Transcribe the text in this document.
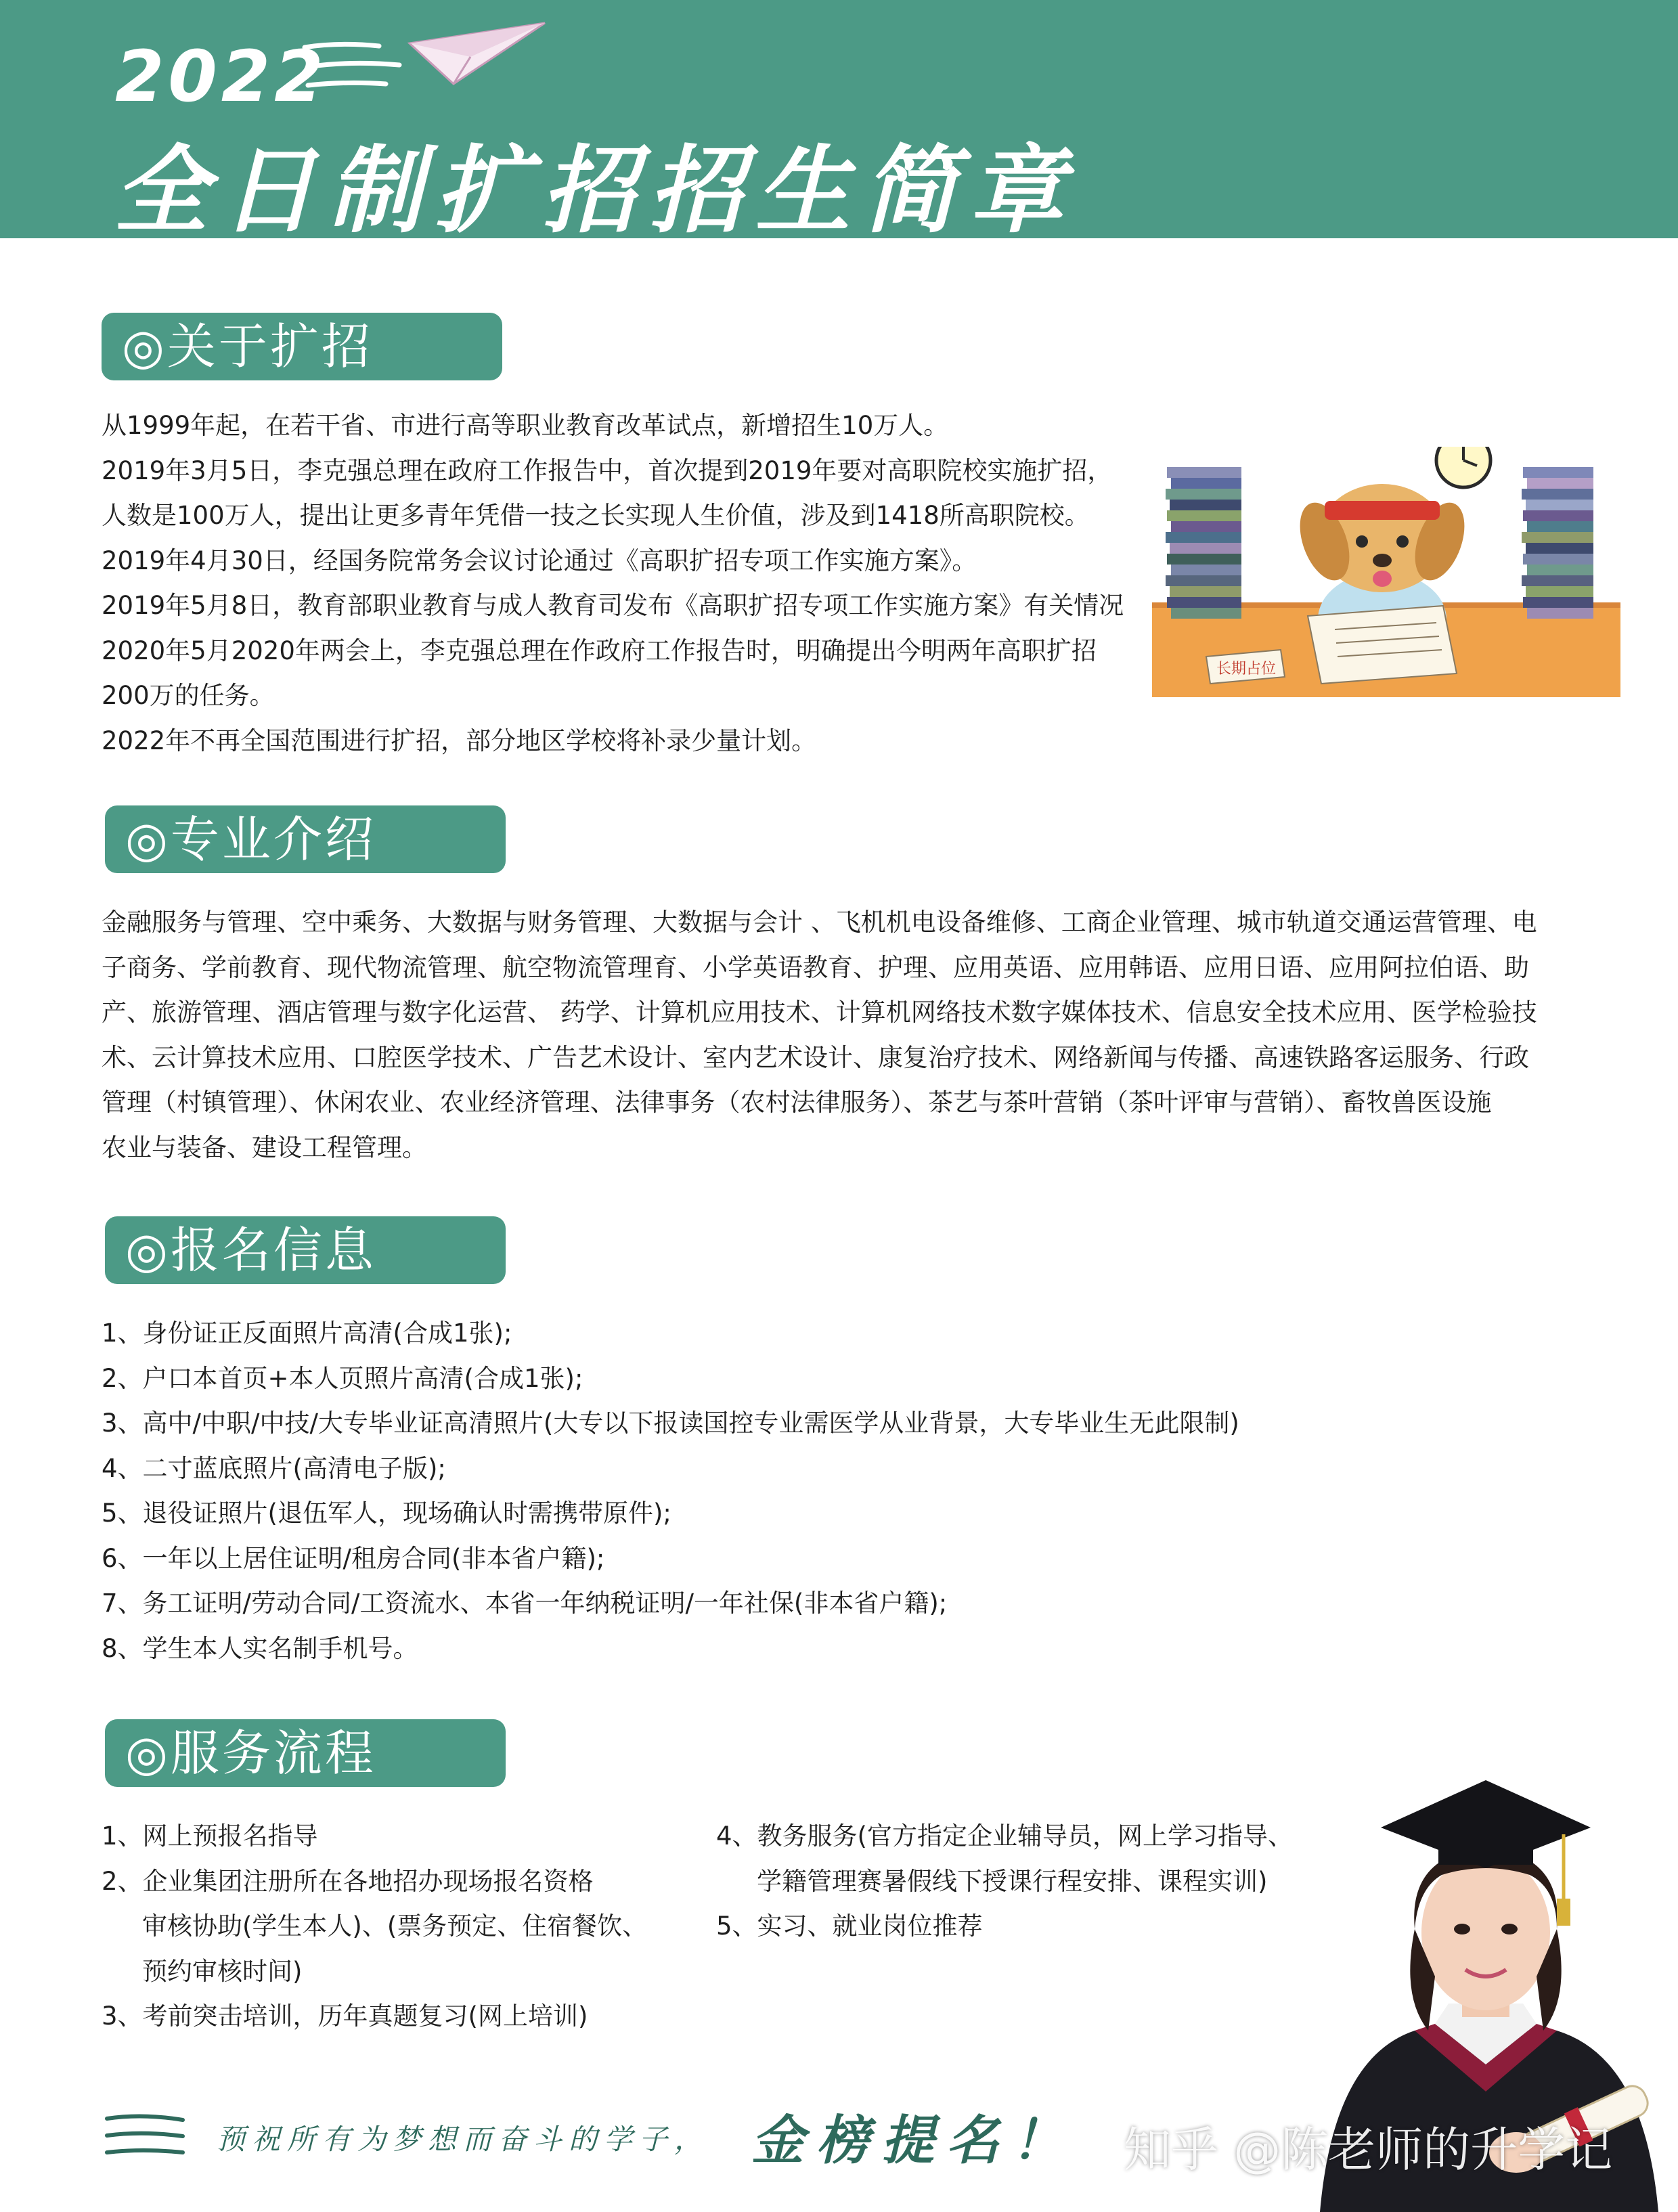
2022
全日制扩招招生简章
◎关于扩招
从1999年起，在若干省、市进行高等职业教育改革试点，新增招生10万人。
2019年3月5日，李克强总理在政府工作报告中，首次提到2019年要对高职院校实施扩招，
人数是100万人，提出让更多青年凭借一技之长实现人生价值，涉及到1418所高职院校。
2019年4月30日，经国务院常务会议讨论通过《高职扩招专项工作实施方案》。
2019年5月8日，教育部职业教育与成人教育司发布《高职扩招专项工作实施方案》有关情况
2020年5月2020年两会上，李克强总理在作政府工作报告时，明确提出今明两年高职扩招
200万的任务。
2022年不再全国范围进行扩招，部分地区学校将补录少量计划。
长期占位
◎专业介绍
金融服务与管理、空中乘务、大数据与财务管理、大数据与会计 、飞机机电设备维修、工商企业管理、城市轨道交通运营管理、电
子商务、学前教育、现代物流管理、航空物流管理育、小学英语教育、护理、应用英语、应用韩语、应用日语、应用阿拉伯语、助
产、旅游管理、酒店管理与数字化运营、 药学、计算机应用技术、计算机网络技术数字媒体技术、信息安全技术应用、医学检验技
术、云计算技术应用、口腔医学技术、广告艺术设计、室内艺术设计、康复治疗技术、网络新闻与传播、高速铁路客运服务、行政
管理（村镇管理）、休闲农业、农业经济管理、法律事务（农村法律服务）、茶艺与茶叶营销（茶叶评审与营销）、畜牧兽医设施
农业与装备、建设工程管理。
◎报名信息
1、身份证正反面照片高清(合成1张);
2、户口本首页+本人页照片高清(合成1张);
3、高中/中职/中技/大专毕业证高清照片(大专以下报读国控专业需医学从业背景，大专毕业生无此限制)
4、二寸蓝底照片(高清电子版);
5、退役证照片(退伍军人，现场确认时需携带原件);
6、一年以上居住证明/租房合同(非本省户籍);
7、务工证明/劳动合同/工资流水、本省一年纳税证明/一年社保(非本省户籍);
8、学生本人实名制手机号。
◎服务流程
1、网上预报名指导
2、企业集团注册所在各地招办现场报名资格
审核协助(学生本人)、(票务预定、住宿餐饮、
预约审核时间)
3、考前突击培训，历年真题复习(网上培训)
4、教务服务(官方指定企业辅导员，网上学习指导、
学籍管理赛暑假线下授课行程安排、课程实训)
5、实习、就业岗位推荐
预祝所有为梦想而奋斗的学子， 金榜提名！ 知乎 @陈老师的升学记
